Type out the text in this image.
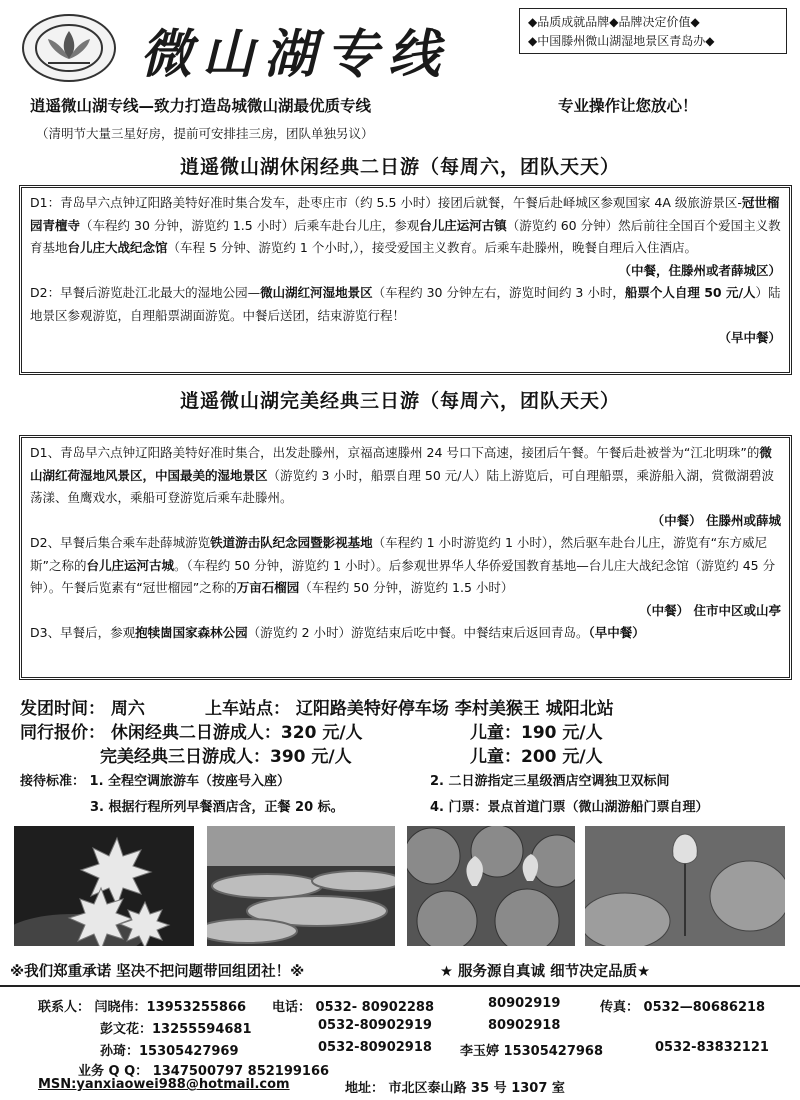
微山湖专线
◆品质成就品牌◆品牌决定价值◆
◆中国滕州微山湖湿地景区青岛办◆
逍遥微山湖专线—致力打造岛城微山湖最优质专线	专业操作让您放心！
（清明节大量三星好房，提前可安排挂三房，团队单独另议）
逍遥微山湖休闲经典二日游（每周六，团队天天）

D1：青岛早六点钟辽阳路美特好准时集合发车，赴枣庄市（约 5.5 小时）接团后就餐，午餐后赴峄城区参观国家 4A 级旅游景区-冠世榴园青檀寺（车程约 30 分钟，游览约 1.5 小时）后乘车赴台儿庄，参观台儿庄运河古镇（游览约 60 分钟）然后前往全国百个爱国主义教育基地台儿庄大战纪念馆（车程 5 分钟、游览约 1 个小时,），接受爱国主义教育。后乘车赴滕州，晚餐自理后入住酒店。

（中餐，住滕州或者薛城区）

D2：早餐后游览赴江北最大的湿地公园—微山湖红河湿地景区（车程约 30 分钟左右，游览时间约 3 小时，船票个人自理 50 元/人）陆地景区参观游览，自理船票湖面游览。中餐后送团，结束游览行程！

（早中餐）
逍遥微山湖完美经典三日游（每周六，团队天天）

D1、青岛早六点钟辽阳路美特好准时集合，出发赴滕州，京福高速滕州 24 号口下高速，接团后午餐。午餐后赴被誉为“江北明珠”的微山湖红荷湿地风景区，中国最美的湿地景区（游览约 3 小时，船票自理 50 元/人）陆上游览后，可自理船票，乘游船入湖，赏微湖碧波荡漾、鱼鹰戏水，乘船可登游览后乘车赴滕州。

（中餐） 住滕州或薛城

D2、早餐后集合乘车赴薛城游览铁道游击队纪念园暨影视基地（车程约 1 小时游览约 1 小时），然后驱车赴台儿庄，游览有“东方威尼斯”之称的台儿庄运河古城。（车程约 50 分钟，游览约 1 小时）。后参观世界华人华侨爱国教育基地—台儿庄大战纪念馆（游览约 45 分钟）。午餐后览素有“冠世榴园”之称的万亩石榴园（车程约 50 分钟，游览约 1.5 小时）

（中餐） 住市中区或山亭

D3、早餐后，参观抱犊崮国家森林公园（游览约 2 小时）游览结束后吃中餐。中餐结束后返回青岛。（早中餐）

发团时间： 周六	上车站点： 辽阳路美特好停车场 李村美猴王 城阳北站
同行报价： 休闲经典二日游成人：320 元/人	儿童：190 元/人
完美经典三日游成人：390 元/人	儿童：200 元/人
接待标准： 1. 全程空调旅游车（按座号入座）	2. 二日游指定三星级酒店空调独卫双标间
3. 根据行程所列早餐酒店含，正餐 20 标。	4. 门票：景点首道门票（微山湖游船门票自理）
※我们郑重承诺 坚决不把问题带回组团社！※	★ 服务源自真诚 细节决定品质★
联系人： 闫晓伟：13953255866 电话： 0532- 80902288	80902919	传真： 0532—80686218
彭文花：13255594681	0532-80902919	80902918
孙琦：15305427969	0532-80902918 李玉婷 15305427968	0532-83832121
业务 Q Q： 1347500797 852199166
MSN:yanxiaowei988@hotmail.com	地址： 市北区泰山路 35 号 1307 室
